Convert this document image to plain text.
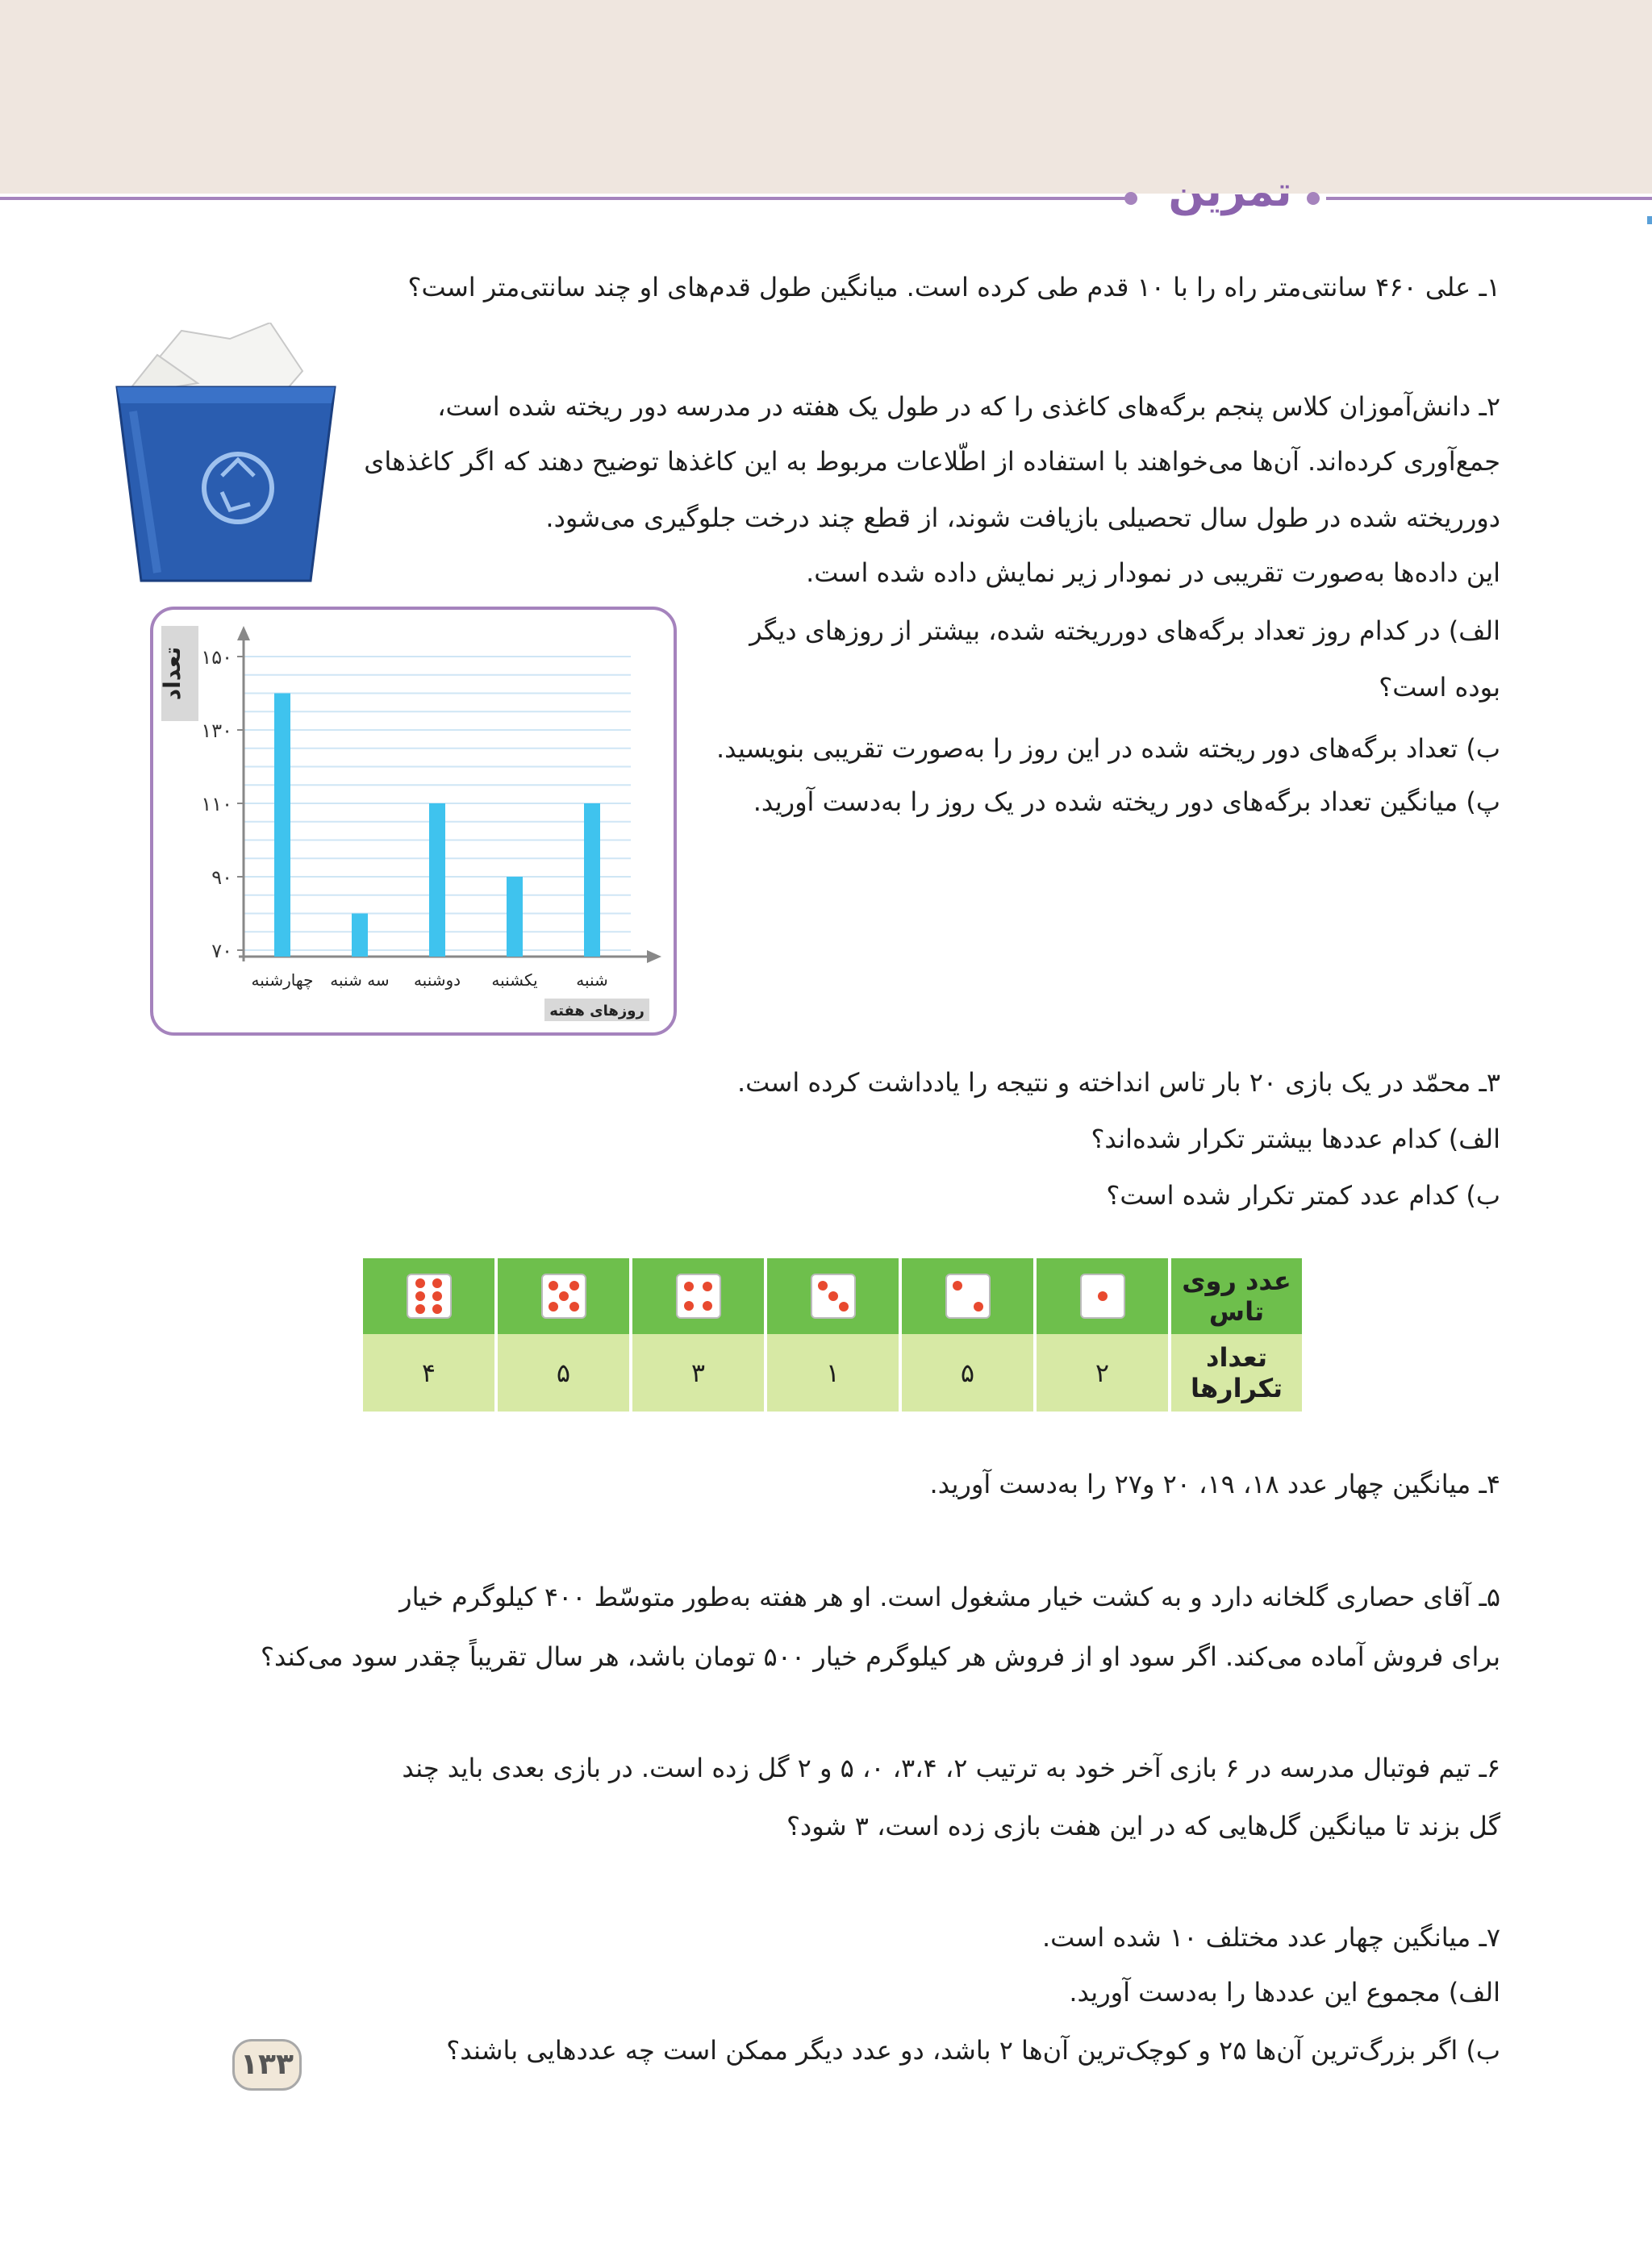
تمرین
۱ـ علی ۴۶۰ سانتی‌متر راه را با ۱۰ قدم طی کرده است. میانگین طول قدم‌های او چند سانتی‌متر است؟
۲ـ دانش‌آموزان کلاس پنجم برگه‌های کاغذی را که در طول یک هفته در مدرسه دور ریخته شده است،
جمع‌آوری کرده‌اند. آن‌ها می‌خواهند با استفاده از اطّلاعات مربوط به این کاغذها توضیح دهند که اگر کاغذهای
دورریخته شده در طول سال تحصیلی بازیافت شوند، از قطع چند درخت جلوگیری می‌شود.
این داده‌ها به‌صورت تقریبی در نمودار زیر نمایش داده شده است.
الف) در کدام روز تعداد برگه‌های دورریخته شده، بیشتر از روزهای دیگر
بوده است؟
ب) تعداد برگه‌های دور ریخته شده در این روز را به‌صورت تقریبی بنویسید.
پ) میانگین تعداد برگه‌های دور ریخته شده در یک روز را به‌دست آورید.
۷۰
۹۰
۱۱۰
۱۳۰
۱۵۰
تعداد
شنبه
یکشنبه
دوشنبه
سه شنبه
چهارشنبه
روزهای هفته
۳ـ محمّد در یک بازی ۲۰ بار تاس انداخته و نتیجه را یادداشت کرده است.
الف) کدام عددها بیشتر تکرار شده‌اند؟
ب) کدام عدد کمتر تکرار شده است؟
عدد روی تاس	

تعداد تکرارها	۲	۵	۱	۳	۵	۴
۴ـ میانگین چهار عدد ۱۸، ۱۹، ۲۰ و۲۷ را به‌دست آورید.
۵ـ آقای حصاری گلخانه دارد و به کشت خیار مشغول است. او هر هفته به‌طور متوسّط ۴۰۰ کیلوگرم خیار
برای فروش آماده می‌کند. اگر سود او از فروش هر کیلوگرم خیار ۵۰۰ تومان باشد، هر سال تقریباً چقدر سود می‌کند؟
۶ـ تیم فوتبال مدرسه در ۶ بازی آخر خود به ترتیب ۲، ۳،۴، ۰، ۵ و ۲ گل زده است. در بازی بعدی باید چند
گل بزند تا میانگین گل‌هایی که در این هفت بازی زده است، ۳ شود؟
۷ـ میانگین چهار عدد مختلف ۱۰ شده است.
الف) مجموع این عددها را به‌دست آورید.
ب) اگر بزرگ‌ترین آن‌ها ۲۵ و کوچک‌ترین آن‌ها ۲ باشد، دو عدد دیگر ممکن است چه عددهایی باشند؟
۱۳۳
